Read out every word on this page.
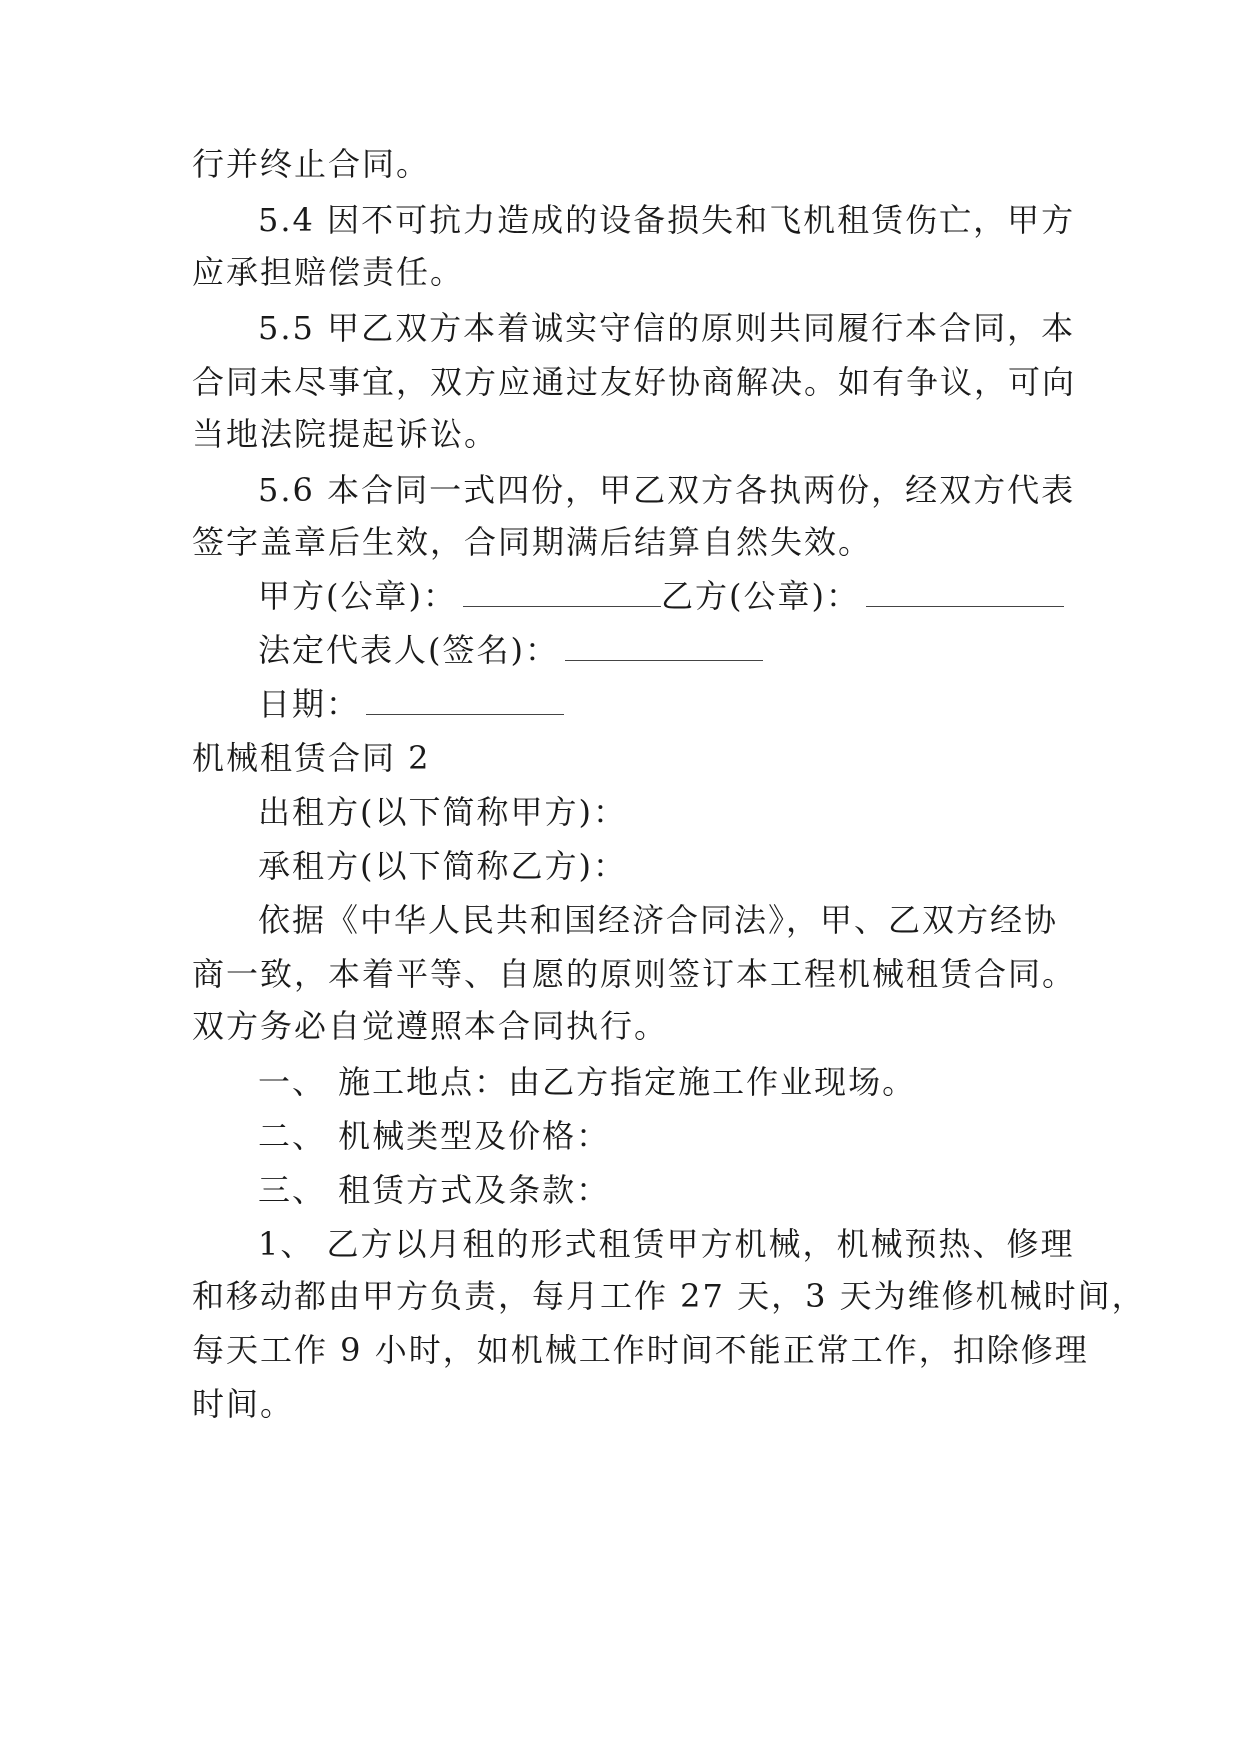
行并终止合同。
5.4 因不可抗力造成的设备损失和飞机租赁伤亡，甲方
应承担赔偿责任。
5.5 甲乙双方本着诚实守信的原则共同履行本合同，本
合同未尽事宜，双方应通过友好协商解决。如有争议，可向
当地法院提起诉讼。
5.6 本合同一式四份，甲乙双方各执两份，经双方代表
签字盖章后生效，合同期满后结算自然失效。
甲方(公章)：	乙方(公章)：
法定代表人(签名)：
日期：
机械租赁合同 2
出租方(以下简称甲方)：
承租方(以下简称乙方)：
依据《中华人民共和国经济合同法》，甲、乙双方经协
商一致，本着平等、自愿的原则签订本工程机械租赁合同。
双方务必自觉遵照本合同执行。
一、 施工地点：由乙方指定施工作业现场。
二、 机械类型及价格：
三、 租赁方式及条款：
1、 乙方以月租的形式租赁甲方机械，机械预热、修理
和移动都由甲方负责，每月工作 27 天，3 天为维修机械时间，
每天工作 9 小时，如机械工作时间不能正常工作，扣除修理
时间。
